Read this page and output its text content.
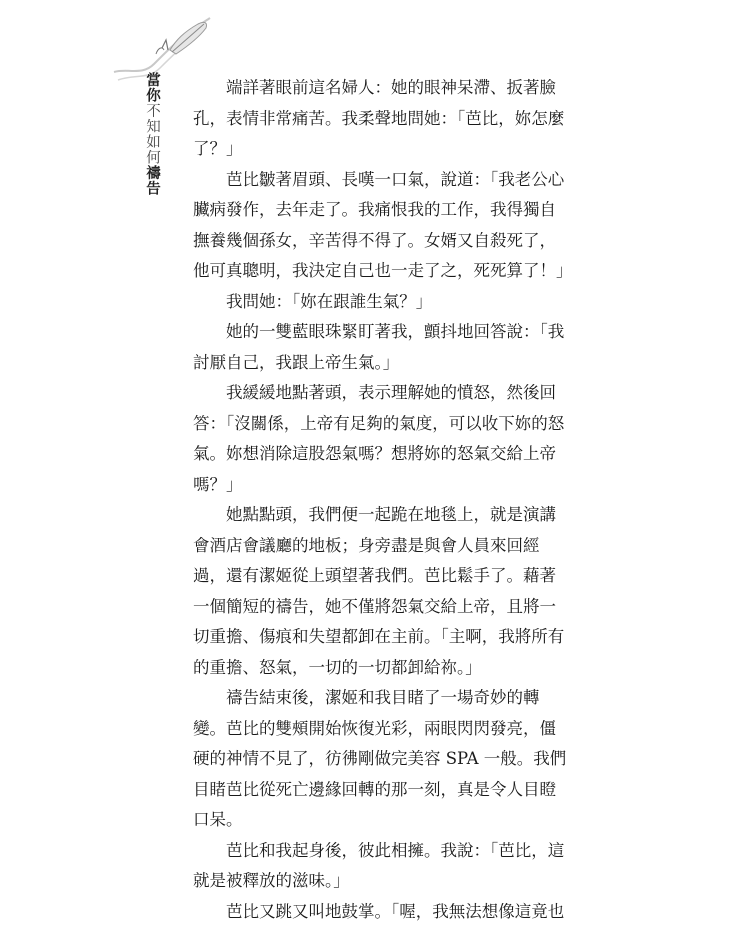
當你不知如何禱告

端詳著眼前這名婦人：她的眼神呆滯、扳著臉孔，表情非常痛苦。我柔聲地問她：「芭比，妳怎麼了？」

芭比皺著眉頭、長嘆一口氣，說道：「我老公心臟病發作，去年走了。我痛恨我的工作，我得獨自撫養幾個孫女，辛苦得不得了。女婿又自殺死了，他可真聰明，我決定自己也一走了之，死死算了！」

我問她：「妳在跟誰生氣？」

她的一雙藍眼珠緊盯著我，顫抖地回答說：「我討厭自己，我跟上帝生氣。」

我緩緩地點著頭，表示理解她的憤怒，然後回答：「沒關係，上帝有足夠的氣度，可以收下妳的怒氣。妳想消除這股怨氣嗎？想將妳的怒氣交給上帝嗎？」

她點點頭，我們便一起跪在地毯上，就是演講會酒店會議廳的地板；身旁盡是與會人員來回經過，還有潔姬從上頭望著我們。芭比鬆手了。藉著一個簡短的禱告，她不僅將怨氣交給上帝，且將一切重擔、傷痕和失望都卸在主前。「主啊，我將所有的重擔、怒氣，一切的一切都卸給祢。」

禱告結束後，潔姬和我目睹了一場奇妙的轉變。芭比的雙頰開始恢復光彩，兩眼閃閃發亮，僵硬的神情不見了，彷彿剛做完美容 SPA 一般。我們目睹芭比從死亡邊緣回轉的那一刻，真是令人目瞪口呆。

芭比和我起身後，彼此相擁。我說：「芭比，這就是被釋放的滋味。」

芭比又跳又叫地鼓掌。「喔，我無法想像這竟也
